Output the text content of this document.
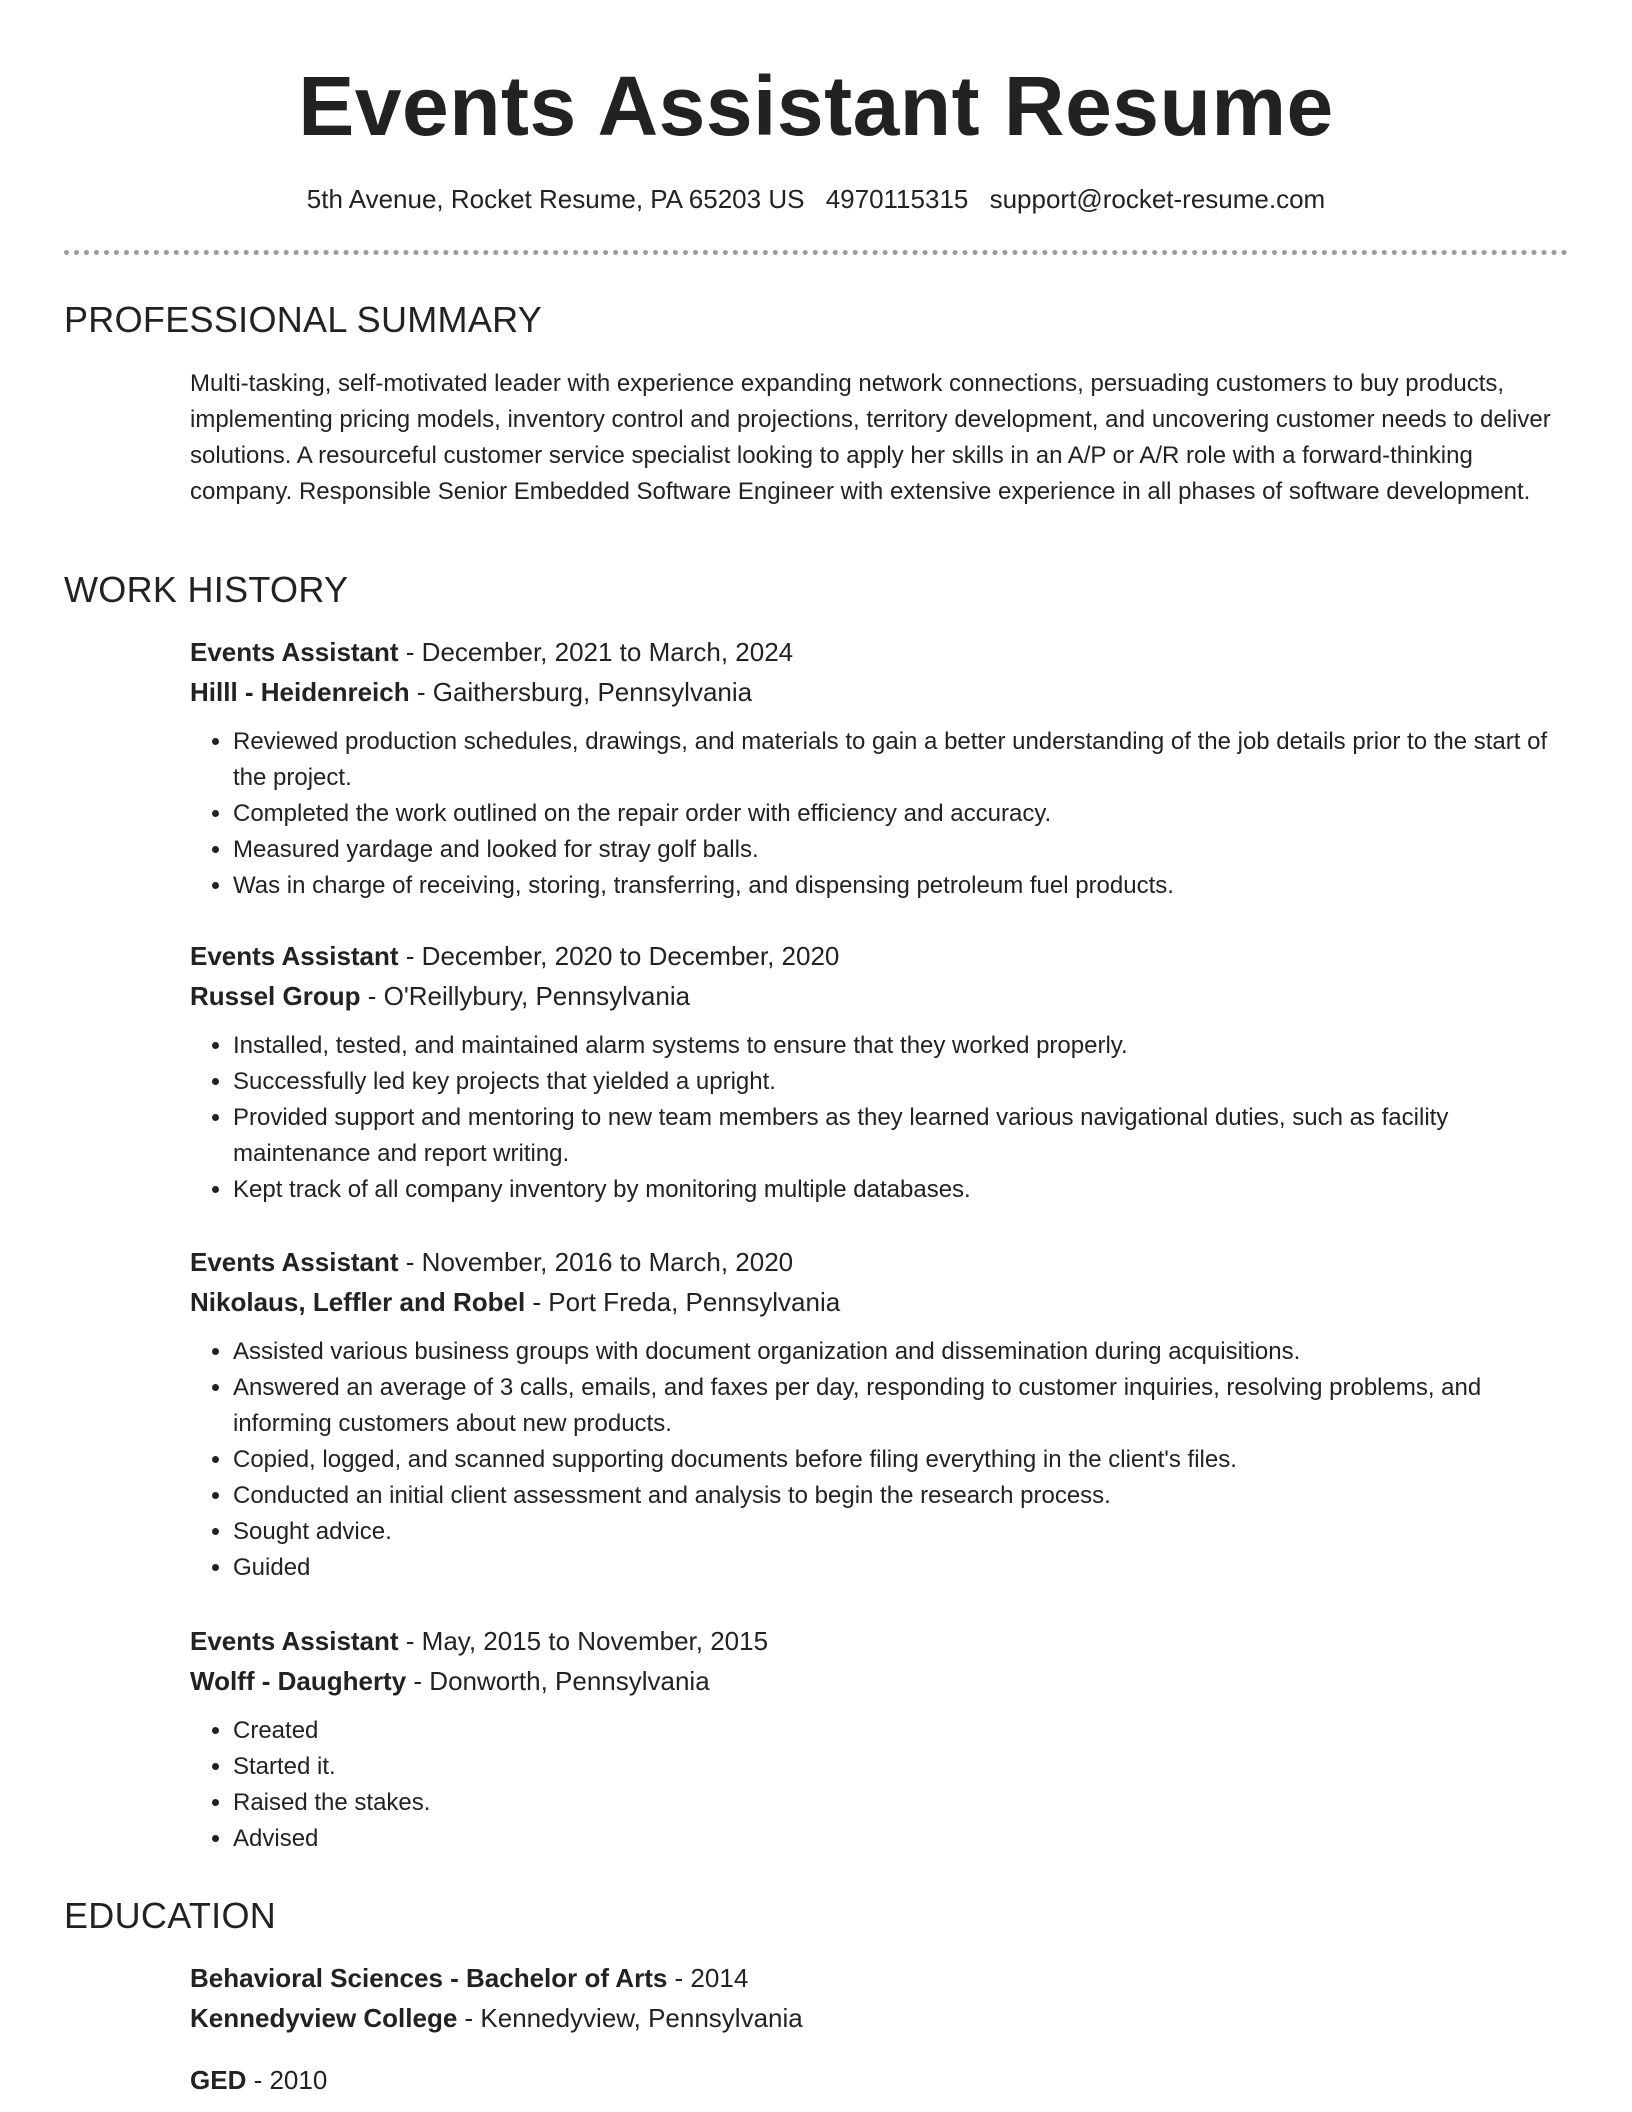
Events Assistant Resume

5th Avenue, Rocket Resume, PA 65203 US 4970115315 support@rocket-resume.com

PROFESSIONAL SUMMARY

Multi-tasking, self-motivated leader with experience expanding network connections, persuading customers to buy products, implementing pricing models, inventory control and projections, territory development, and uncovering customer needs to deliver solutions. A resourceful customer service specialist looking to apply her skills in an A/P or A/R role with a forward-thinking company. Responsible Senior Embedded Software Engineer with extensive experience in all phases of software development.

WORK HISTORY

Events Assistant - December, 2021 to March, 2024

Hilll - Heidenreich - Gaithersburg, Pennsylvania

• Reviewed production schedules, drawings, and materials to gain a better understanding of the job details prior to the start of the project.
• Completed the work outlined on the repair order with efficiency and accuracy.
• Measured yardage and looked for stray golf balls.
• Was in charge of receiving, storing, transferring, and dispensing petroleum fuel products.

Events Assistant - December, 2020 to December, 2020

Russel Group - O'Reillybury, Pennsylvania

• Installed, tested, and maintained alarm systems to ensure that they worked properly.
• Successfully led key projects that yielded a upright.
• Provided support and mentoring to new team members as they learned various navigational duties, such as facility maintenance and report writing.
• Kept track of all company inventory by monitoring multiple databases.

Events Assistant - November, 2016 to March, 2020

Nikolaus, Leffler and Robel - Port Freda, Pennsylvania

• Assisted various business groups with document organization and dissemination during acquisitions.
• Answered an average of 3 calls, emails, and faxes per day, responding to customer inquiries, resolving problems, and informing customers about new products.
• Copied, logged, and scanned supporting documents before filing everything in the client's files.
• Conducted an initial client assessment and analysis to begin the research process.
• Sought advice.
• Guided

Events Assistant - May, 2015 to November, 2015

Wolff - Daugherty - Donworth, Pennsylvania

• Created
• Started it.
• Raised the stakes.
• Advised
EDUCATION

Behavioral Sciences - Bachelor of Arts - 2014

Kennedyview College - Kennedyview, Pennsylvania

GED - 2010
